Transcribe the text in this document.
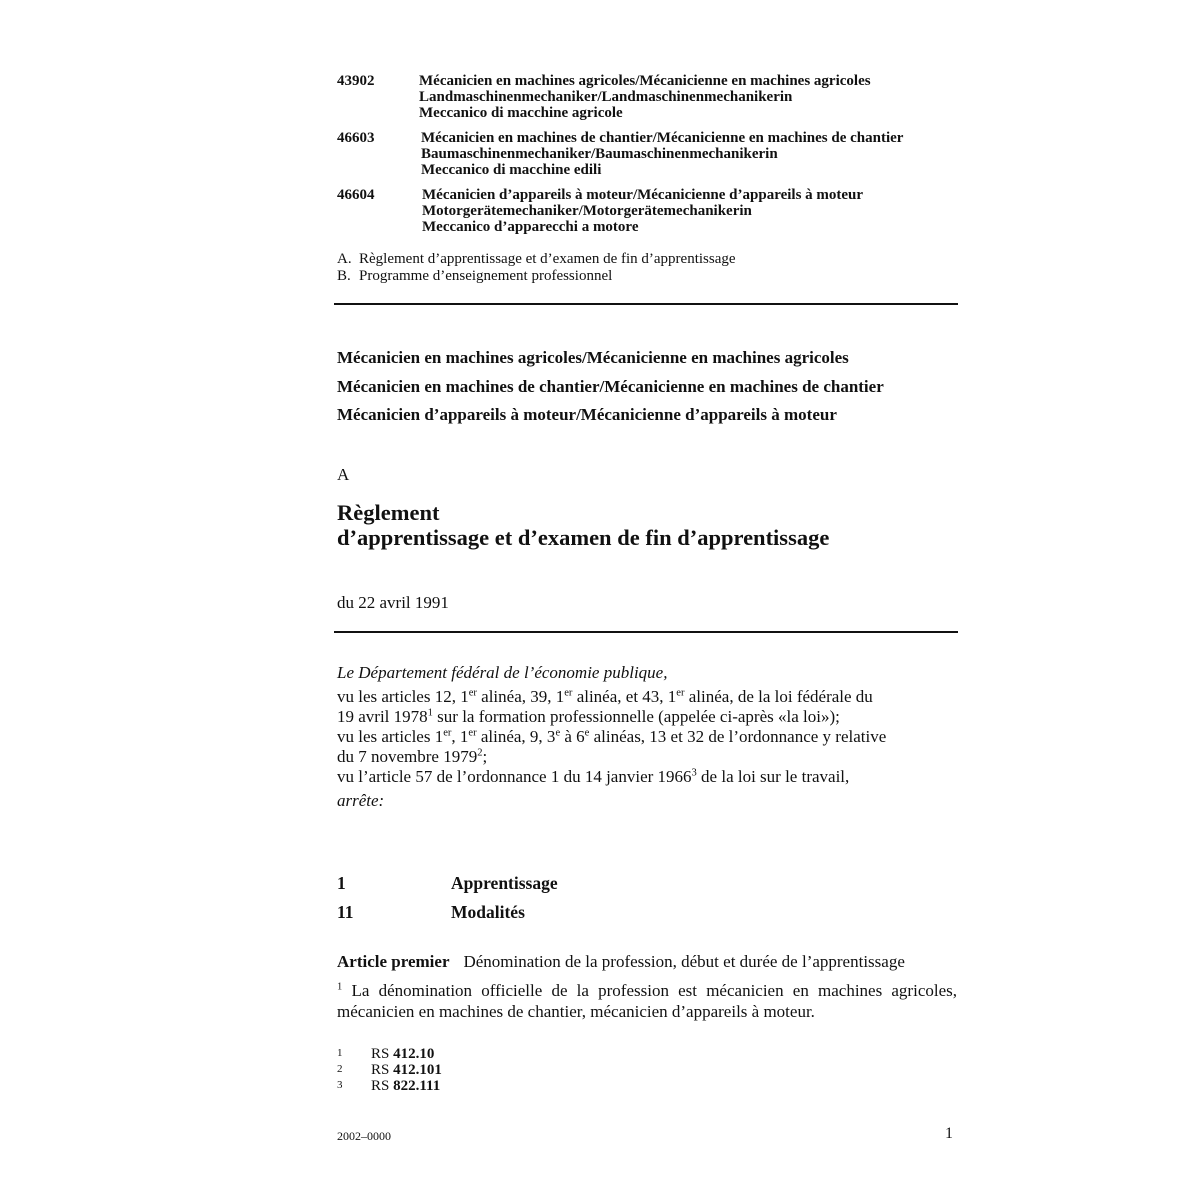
43902	Mécanicien en machines agricoles/Mécanicienne en machines agricoles
Landmaschinenmechaniker/Landmaschinenmechanikerin
Meccanico di macchine agricole
46603	Mécanicien en machines de chantier/Mécanicienne en machines de chantier
Baumaschinenmechaniker/Baumaschinenmechanikerin
Meccanico di macchine edili
46604	Mécanicien d’appareils à moteur/Mécanicienne d’appareils à moteur
Motorgerätemechaniker/Motorgerätemechanikerin
Meccanico d’apparecchi a motore
A. Règlement d’apprentissage et d’examen de fin d’apprentissage
B. Programme d’enseignement professionnel
Mécanicien en machines agricoles/Mécanicienne en machines agricoles
Mécanicien en machines de chantier/Mécanicienne en machines de chantier
Mécanicien d’appareils à moteur/Mécanicienne d’appareils à moteur
A
Règlement
d’apprentissage et d’examen de fin d’apprentissage
du 22 avril 1991
Le Département fédéral de l’économie publique,
vu les articles 12, 1er alinéa, 39, 1er alinéa, et 43, 1er alinéa, de la loi fédérale du
19 avril 1978$^1$ sur la formation professionnelle (appelée ci-après «la loi»);
vu les articles 1er, 1er alinéa, 9, 3e à 6e alinéas, 13 et 32 de l’ordonnance y relative
du 7 novembre 1979$^2$;
vu l’article 57 de l’ordonnance 1 du 14 janvier 1966$^3$ de la loi sur le travail,
arrête:
1	Apprentissage
11	Modalités
Article premier Dénomination de la profession, début et durée de l’apprentissage
$^1$ La dénomination officielle de la profession est mécanicien en machines agricoles, mécanicien en machines de chantier, mécanicien d’appareils à moteur.
1 RS 412.10
2 RS 412.101
3 RS 822.111
2002–0000	1
